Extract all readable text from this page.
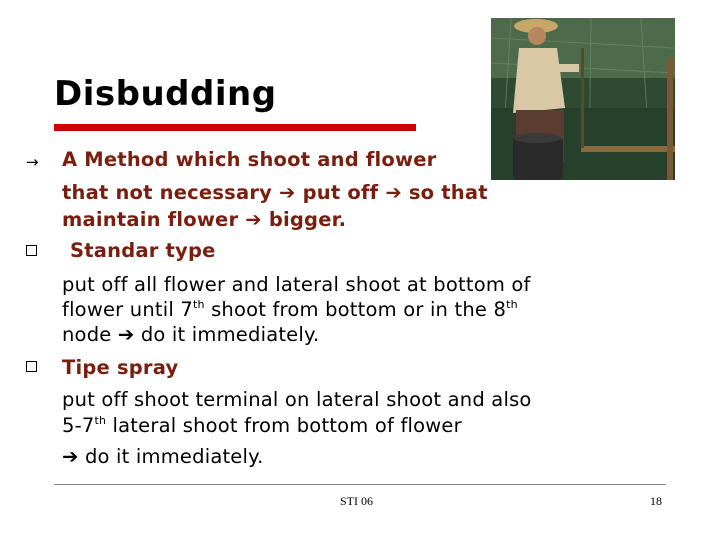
Disbudding
→ A Method which shoot and flower
that not necessary ➔ put off ➔ so that
maintain flower ➔ bigger.
Standar type
put off all flower and lateral shoot at bottom of
flower until 7th shoot from bottom or in the 8th
node ➔ do it immediately.
Tipe spray
put off shoot terminal on lateral shoot and also
5-7th lateral shoot from bottom of flower
➔ do it immediately.
STI 06	18
